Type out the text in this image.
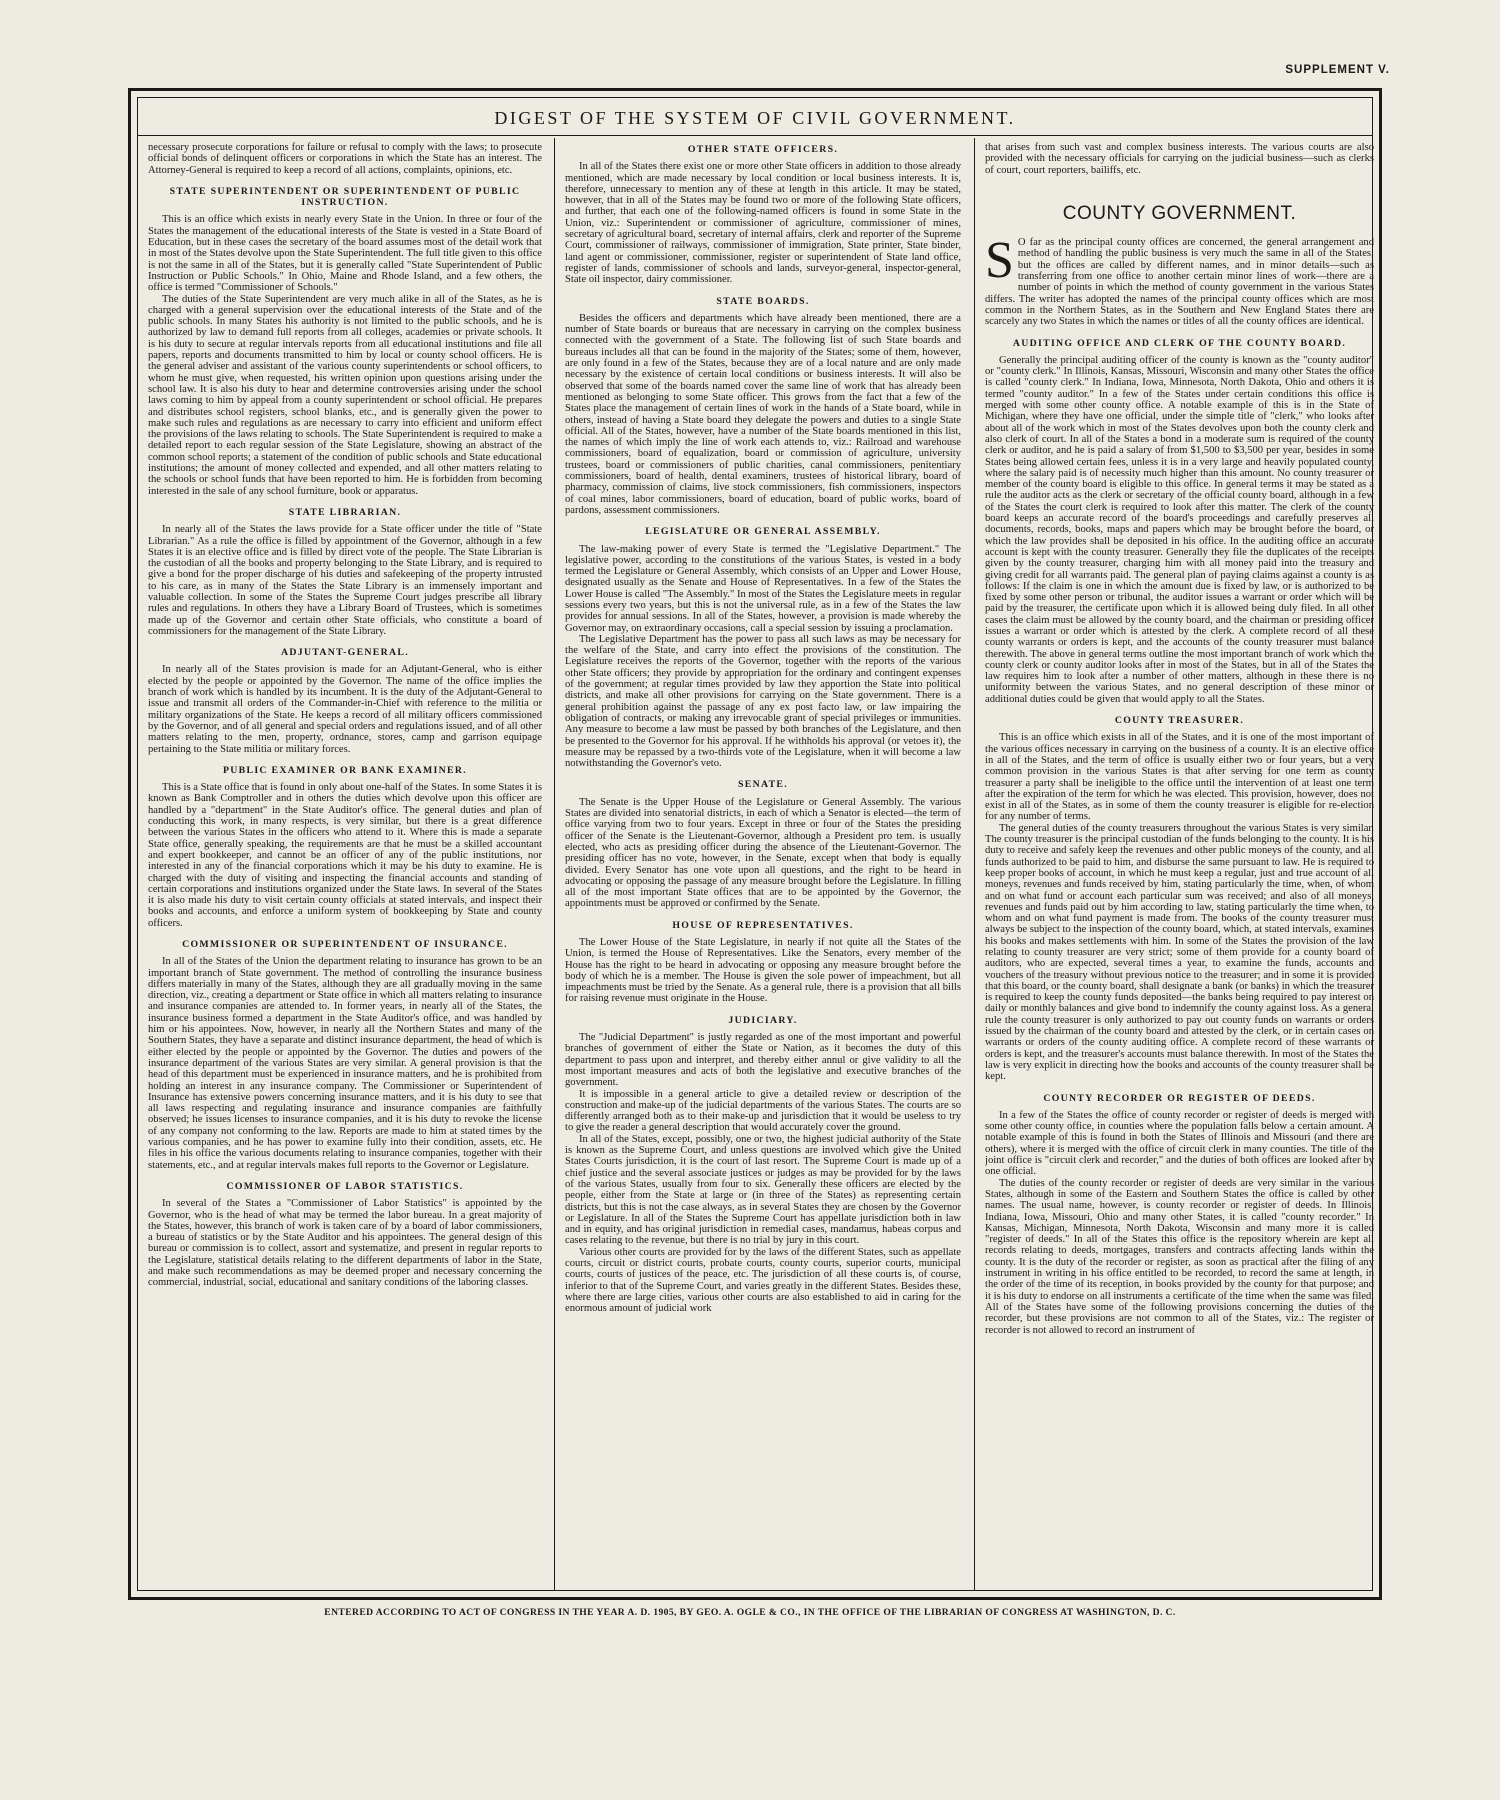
SUPPLEMENT V.
DIGEST OF THE SYSTEM OF CIVIL GOVERNMENT.

necessary prosecute corporations for failure or refusal to comply with the laws; to prosecute official bonds of delinquent officers or corporations in which the State has an interest. The Attorney-General is required to keep a record of all actions, complaints, opinions, etc.

STATE SUPERINTENDENT OR SUPERINTENDENT OF PUBLIC INSTRUCTION.

This is an office which exists in nearly every State in the Union. In three or four of the States the management of the educational interests of the State is vested in a State Board of Education, but in these cases the secretary of the board assumes most of the detail work that in most of the States devolve upon the State Superintendent. The full title given to this office is not the same in all of the States, but it is generally called "State Superintendent of Public Instruction or Public Schools." In Ohio, Maine and Rhode Island, and a few others, the office is termed "Commissioner of Schools."

The duties of the State Superintendent are very much alike in all of the States, as he is charged with a general supervision over the educational interests of the State and of the public schools. In many States his authority is not limited to the public schools, and he is authorized by law to demand full reports from all colleges, academies or private schools. It is his duty to secure at regular intervals reports from all educational institutions and file all papers, reports and documents transmitted to him by local or county school officers. He is the general adviser and assistant of the various county superintendents or school officers, to whom he must give, when requested, his written opinion upon questions arising under the school law. It is also his duty to hear and determine controversies arising under the school laws coming to him by appeal from a county superintendent or school official. He prepares and distributes school registers, school blanks, etc., and is generally given the power to make such rules and regulations as are necessary to carry into efficient and uniform effect the provisions of the laws relating to schools. The State Superintendent is required to make a detailed report to each regular session of the State Legislature, showing an abstract of the common school reports; a statement of the condition of public schools and State educational institutions; the amount of money collected and expended, and all other matters relating to the schools or school funds that have been reported to him. He is forbidden from becoming interested in the sale of any school furniture, book or apparatus.

STATE LIBRARIAN.

In nearly all of the States the laws provide for a State officer under the title of "State Librarian." As a rule the office is filled by appointment of the Governor, although in a few States it is an elective office and is filled by direct vote of the people. The State Librarian is the custodian of all the books and property belonging to the State Library, and is required to give a bond for the proper discharge of his duties and safekeeping of the property intrusted to his care, as in many of the States the State Library is an immensely important and valuable collection. In some of the States the Supreme Court judges prescribe all library rules and regulations. In others they have a Library Board of Trustees, which is sometimes made up of the Governor and certain other State officials, who constitute a board of commissioners for the management of the State Library.

ADJUTANT-GENERAL.

In nearly all of the States provision is made for an Adjutant-General, who is either elected by the people or appointed by the Governor. The name of the office implies the branch of work which is handled by its incumbent. It is the duty of the Adjutant-General to issue and transmit all orders of the Commander-in-Chief with reference to the militia or military organizations of the State. He keeps a record of all military officers commissioned by the Governor, and of all general and special orders and regulations issued, and of all other matters relating to the men, property, ordnance, stores, camp and garrison equipage pertaining to the State militia or military forces.

PUBLIC EXAMINER OR BANK EXAMINER.

This is a State office that is found in only about one-half of the States. In some States it is known as Bank Comptroller and in others the duties which devolve upon this officer are handled by a "department" in the State Auditor's office. The general duties and plan of conducting this work, in many respects, is very similar, but there is a great difference between the various States in the officers who attend to it. Where this is made a separate State office, generally speaking, the requirements are that he must be a skilled accountant and expert bookkeeper, and cannot be an officer of any of the public institutions, nor interested in any of the financial corporations which it may be his duty to examine. He is charged with the duty of visiting and inspecting the financial accounts and standing of certain corporations and institutions organized under the State laws. In several of the States it is also made his duty to visit certain county officials at stated intervals, and inspect their books and accounts, and enforce a uniform system of bookkeeping by State and county officers.

COMMISSIONER OR SUPERINTENDENT OF INSURANCE.

In all of the States of the Union the department relating to insurance has grown to be an important branch of State government. The method of controlling the insurance business differs materially in many of the States, although they are all gradually moving in the same direction, viz., creating a department or State office in which all matters relating to insurance and insurance companies are attended to. In former years, in nearly all of the States, the insurance business formed a department in the State Auditor's office, and was handled by him or his appointees. Now, however, in nearly all the Northern States and many of the Southern States, they have a separate and distinct insurance department, the head of which is either elected by the people or appointed by the Governor. The duties and powers of the insurance department of the various States are very similar. A general provision is that the head of this department must be experienced in insurance matters, and he is prohibited from holding an interest in any insurance company. The Commissioner or Superintendent of Insurance has extensive powers concerning insurance matters, and it is his duty to see that all laws respecting and regulating insurance and insurance companies are faithfully observed; he issues licenses to insurance companies, and it is his duty to revoke the license of any company not conforming to the law. Reports are made to him at stated times by the various companies, and he has power to examine fully into their condition, assets, etc. He files in his office the various documents relating to insurance companies, together with their statements, etc., and at regular intervals makes full reports to the Governor or Legislature.

COMMISSIONER OF LABOR STATISTICS.

In several of the States a "Commissioner of Labor Statistics" is appointed by the Governor, who is the head of what may be termed the labor bureau. In a great majority of the States, however, this branch of work is taken care of by a board of labor commissioners, a bureau of statistics or by the State Auditor and his appointees. The general design of this bureau or commission is to collect, assort and systematize, and present in regular reports to the Legislature, statistical details relating to the different departments of labor in the State, and make such recommendations as may be deemed proper and necessary concerning the commercial, industrial, social, educational and sanitary conditions of the laboring classes.

OTHER STATE OFFICERS.

In all of the States there exist one or more other State officers in addition to those already mentioned, which are made necessary by local condition or local business interests. It is, therefore, unnecessary to mention any of these at length in this article. It may be stated, however, that in all of the States may be found two or more of the following State officers, and further, that each one of the following-named officers is found in some State in the Union, viz.: Superintendent or commissioner of agriculture, commissioner of mines, secretary of agricultural board, secretary of internal affairs, clerk and reporter of the Supreme Court, commissioner of railways, commissioner of immigration, State printer, State binder, land agent or commissioner, commissioner, register or superintendent of State land office, register of lands, commissioner of schools and lands, surveyor-general, inspector-general, State oil inspector, dairy commissioner.

STATE BOARDS.

Besides the officers and departments which have already been mentioned, there are a number of State boards or bureaus that are necessary in carrying on the complex business connected with the government of a State. The following list of such State boards and bureaus includes all that can be found in the majority of the States; some of them, however, are only found in a few of the States, because they are of a local nature and are only made necessary by the existence of certain local conditions or business interests. It will also be observed that some of the boards named cover the same line of work that has already been mentioned as belonging to some State officer. This grows from the fact that a few of the States place the management of certain lines of work in the hands of a State board, while in others, instead of having a State board they delegate the powers and duties to a single State official. All of the States, however, have a number of the State boards mentioned in this list, the names of which imply the line of work each attends to, viz.: Railroad and warehouse commissioners, board of equalization, board or commission of agriculture, university trustees, board or commissioners of public charities, canal commissioners, penitentiary commissioners, board of health, dental examiners, trustees of historical library, board of pharmacy, commission of claims, live stock commissioners, fish commissioners, inspectors of coal mines, labor commissioners, board of education, board of public works, board of pardons, assessment commissioners.

LEGISLATURE OR GENERAL ASSEMBLY.

The law-making power of every State is termed the "Legislative Department." The legislative power, according to the constitutions of the various States, is vested in a body termed the Legislature or General Assembly, which consists of an Upper and Lower House, designated usually as the Senate and House of Representatives. In a few of the States the Lower House is called "The Assembly." In most of the States the Legislature meets in regular sessions every two years, but this is not the universal rule, as in a few of the States the law provides for annual sessions. In all of the States, however, a provision is made whereby the Governor may, on extraordinary occasions, call a special session by issuing a proclamation.

The Legislative Department has the power to pass all such laws as may be necessary for the welfare of the State, and carry into effect the provisions of the constitution. The Legislature receives the reports of the Governor, together with the reports of the various other State officers; they provide by appropriation for the ordinary and contingent expenses of the government; at regular times provided by law they apportion the State into political districts, and make all other provisions for carrying on the State government. There is a general prohibition against the passage of any ex post facto law, or law impairing the obligation of contracts, or making any irrevocable grant of special privileges or immunities. Any measure to become a law must be passed by both branches of the Legislature, and then be presented to the Governor for his approval. If he withholds his approval (or vetoes it), the measure may be repassed by a two-thirds vote of the Legislature, when it will become a law notwithstanding the Governor's veto.

SENATE.

The Senate is the Upper House of the Legislature or General Assembly. The various States are divided into senatorial districts, in each of which a Senator is elected—the term of office varying from two to four years. Except in three or four of the States the presiding officer of the Senate is the Lieutenant-Governor, although a President pro tem. is usually elected, who acts as presiding officer during the absence of the Lieutenant-Governor. The presiding officer has no vote, however, in the Senate, except when that body is equally divided. Every Senator has one vote upon all questions, and the right to be heard in advocating or opposing the passage of any measure brought before the Legislature. In filling all of the most important State offices that are to be appointed by the Governor, the appointments must be approved or confirmed by the Senate.

HOUSE OF REPRESENTATIVES.

The Lower House of the State Legislature, in nearly if not quite all the States of the Union, is termed the House of Representatives. Like the Senators, every member of the House has the right to be heard in advocating or opposing any measure brought before the body of which he is a member. The House is given the sole power of impeachment, but all impeachments must be tried by the Senate. As a general rule, there is a provision that all bills for raising revenue must originate in the House.

JUDICIARY.

The "Judicial Department" is justly regarded as one of the most important and powerful branches of government of either the State or Nation, as it becomes the duty of this department to pass upon and interpret, and thereby either annul or give validity to all the most important measures and acts of both the legislative and executive branches of the government.

It is impossible in a general article to give a detailed review or description of the construction and make-up of the judicial departments of the various States. The courts are so differently arranged both as to their make-up and jurisdiction that it would be useless to try to give the reader a general description that would accurately cover the ground.

In all of the States, except, possibly, one or two, the highest judicial authority of the State is known as the Supreme Court, and unless questions are involved which give the United States Courts jurisdiction, it is the court of last resort. The Supreme Court is made up of a chief justice and the several associate justices or judges as may be provided for by the laws of the various States, usually from four to six. Generally these officers are elected by the people, either from the State at large or (in three of the States) as representing certain districts, but this is not the case always, as in several States they are chosen by the Governor or Legislature. In all of the States the Supreme Court has appellate jurisdiction both in law and in equity, and has original jurisdiction in remedial cases, mandamus, habeas corpus and cases relating to the revenue, but there is no trial by jury in this court.

Various other courts are provided for by the laws of the different States, such as appellate courts, circuit or district courts, probate courts, county courts, superior courts, municipal courts, courts of justices of the peace, etc. The jurisdiction of all these courts is, of course, inferior to that of the Supreme Court, and varies greatly in the different States. Besides these, where there are large cities, various other courts are also established to aid in caring for the enormous amount of judicial work

that arises from such vast and complex business interests. The various courts are also provided with the necessary officials for carrying on the judicial business—such as clerks of court, court reporters, bailiffs, etc.

COUNTY GOVERNMENT.

S O far as the principal county offices are concerned, the general arrangement and method of handling the public business is very much the same in all of the States; but the offices are called by different names, and in minor details—such as transferring from one office to another certain minor lines of work—there are a number of points in which the method of county government in the various States differs. The writer has adopted the names of the principal county offices which are most common in the Northern States, as in the Southern and New England States there are scarcely any two States in which the names or titles of all the county offices are identical.

AUDITING OFFICE AND CLERK OF THE COUNTY BOARD.

Generally the principal auditing officer of the county is known as the "county auditor" or "county clerk." In Illinois, Kansas, Missouri, Wisconsin and many other States the office is called "county clerk." In Indiana, Iowa, Minnesota, North Dakota, Ohio and others it is termed "county auditor." In a few of the States under certain conditions this office is merged with some other county office. A notable example of this is in the State of Michigan, where they have one official, under the simple title of "clerk," who looks after about all of the work which in most of the States devolves upon both the county clerk and also clerk of court. In all of the States a bond in a moderate sum is required of the county clerk or auditor, and he is paid a salary of from $1,500 to $3,500 per year, besides in some States being allowed certain fees, unless it is in a very large and heavily populated county, where the salary paid is of necessity much higher than this amount. No county treasurer or member of the county board is eligible to this office. In general terms it may be stated as a rule the auditor acts as the clerk or secretary of the official county board, although in a few of the States the court clerk is required to look after this matter. The clerk of the county board keeps an accurate record of the board's proceedings and carefully preserves all documents, records, books, maps and papers which may be brought before the board, or which the law provides shall be deposited in his office. In the auditing office an accurate account is kept with the county treasurer. Generally they file the duplicates of the receipts given by the county treasurer, charging him with all money paid into the treasury and giving credit for all warrants paid. The general plan of paying claims against a county is as follows: If the claim is one in which the amount due is fixed by law, or is authorized to be fixed by some other person or tribunal, the auditor issues a warrant or order which will be paid by the treasurer, the certificate upon which it is allowed being duly filed. In all other cases the claim must be allowed by the county board, and the chairman or presiding officer issues a warrant or order which is attested by the clerk. A complete record of all these county warrants or orders is kept, and the accounts of the county treasurer must balance therewith. The above in general terms outline the most important branch of work which the county clerk or county auditor looks after in most of the States, but in all of the States the law requires him to look after a number of other matters, although in these there is no uniformity between the various States, and no general description of these minor or additional duties could be given that would apply to all the States.

COUNTY TREASURER.

This is an office which exists in all of the States, and it is one of the most important of the various offices necessary in carrying on the business of a county. It is an elective office in all of the States, and the term of office is usually either two or four years, but a very common provision in the various States is that after serving for one term as county treasurer a party shall be ineligible to the office until the intervention of at least one term after the expiration of the term for which he was elected. This provision, however, does not exist in all of the States, as in some of them the county treasurer is eligible for re-election for any number of terms.

The general duties of the county treasurers throughout the various States is very similar. The county treasurer is the principal custodian of the funds belonging to the county. It is his duty to receive and safely keep the revenues and other public moneys of the county, and all funds authorized to be paid to him, and disburse the same pursuant to law. He is required to keep proper books of account, in which he must keep a regular, just and true account of all moneys, revenues and funds received by him, stating particularly the time, when, of whom and on what fund or account each particular sum was received; and also of all moneys, revenues and funds paid out by him according to law, stating particularly the time when, to whom and on what fund payment is made from. The books of the county treasurer must always be subject to the inspection of the county board, which, at stated intervals, examines his books and makes settlements with him. In some of the States the provision of the law relating to county treasurer are very strict; some of them provide for a county board of auditors, who are expected, several times a year, to examine the funds, accounts and vouchers of the treasury without previous notice to the treasurer; and in some it is provided that this board, or the county board, shall designate a bank (or banks) in which the treasurer is required to keep the county funds deposited—the banks being required to pay interest on daily or monthly balances and give bond to indemnify the county against loss. As a general rule the county treasurer is only authorized to pay out county funds on warrants or orders issued by the chairman of the county board and attested by the clerk, or in certain cases on warrants or orders of the county auditing office. A complete record of these warrants or orders is kept, and the treasurer's accounts must balance therewith. In most of the States the law is very explicit in directing how the books and accounts of the county treasurer shall be kept.

COUNTY RECORDER OR REGISTER OF DEEDS.

In a few of the States the office of county recorder or register of deeds is merged with some other county office, in counties where the population falls below a certain amount. A notable example of this is found in both the States of Illinois and Missouri (and there are others), where it is merged with the office of circuit clerk in many counties. The title of the joint office is "circuit clerk and recorder," and the duties of both offices are looked after by one official.

The duties of the county recorder or register of deeds are very similar in the various States, although in some of the Eastern and Southern States the office is called by other names. The usual name, however, is county recorder or register of deeds. In Illinois, Indiana, Iowa, Missouri, Ohio and many other States, it is called "county recorder." In Kansas, Michigan, Minnesota, North Dakota, Wisconsin and many more it is called "register of deeds." In all of the States this office is the repository wherein are kept all records relating to deeds, mortgages, transfers and contracts affecting lands within the county. It is the duty of the recorder or register, as soon as practical after the filing of any instrument in writing in his office entitled to be recorded, to record the same at length, in the order of the time of its reception, in books provided by the county for that purpose; and it is his duty to endorse on all instruments a certificate of the time when the same was filed. All of the States have some of the following provisions concerning the duties of the recorder, but these provisions are not common to all of the States, viz.: The register or recorder is not allowed to record an instrument of

ENTERED ACCORDING TO ACT OF CONGRESS IN THE YEAR A. D. 1905, BY GEO. A. OGLE & CO., IN THE OFFICE OF THE LIBRARIAN OF CONGRESS AT WASHINGTON, D. C.
